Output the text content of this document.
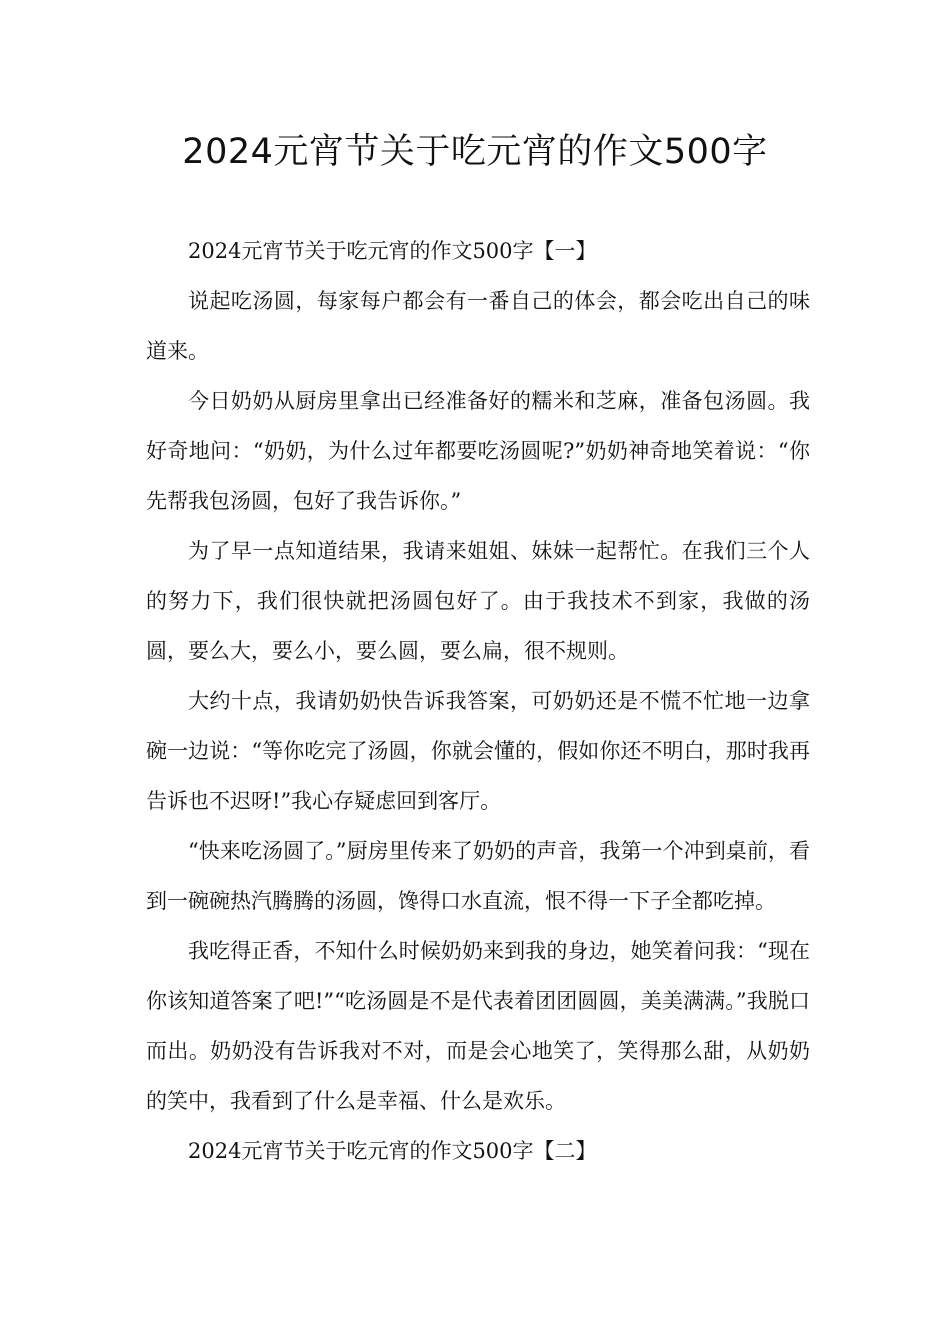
2024元宵节关于吃元宵的作文500字

2024元宵节关于吃元宵的作文500字【一】

说起吃汤圆，每家每户都会有一番自己的体会，都会吃出自己的味道来。

今日奶奶从厨房里拿出已经准备好的糯米和芝麻，准备包汤圆。我好奇地问：“奶奶，为什么过年都要吃汤圆呢?”奶奶神奇地笑着说：“你先帮我包汤圆，包好了我告诉你。”

为了早一点知道结果，我请来姐姐、妹妹一起帮忙。在我们三个人的努力下，我们很快就把汤圆包好了。由于我技术不到家，我做的汤圆，要么大，要么小，要么圆，要么扁，很不规则。

大约十点，我请奶奶快告诉我答案，可奶奶还是不慌不忙地一边拿碗一边说：“等你吃完了汤圆，你就会懂的，假如你还不明白，那时我再告诉也不迟呀!”我心存疑虑回到客厅。

“快来吃汤圆了。”厨房里传来了奶奶的声音，我第一个冲到桌前，看到一碗碗热汽腾腾的汤圆，馋得口水直流，恨不得一下子全都吃掉。

我吃得正香，不知什么时候奶奶来到我的身边，她笑着问我：“现在你该知道答案了吧!”“吃汤圆是不是代表着团团圆圆，美美满满。”我脱口而出。奶奶没有告诉我对不对，而是会心地笑了，笑得那么甜，从奶奶的笑中，我看到了什么是幸福、什么是欢乐。

2024元宵节关于吃元宵的作文500字【二】
